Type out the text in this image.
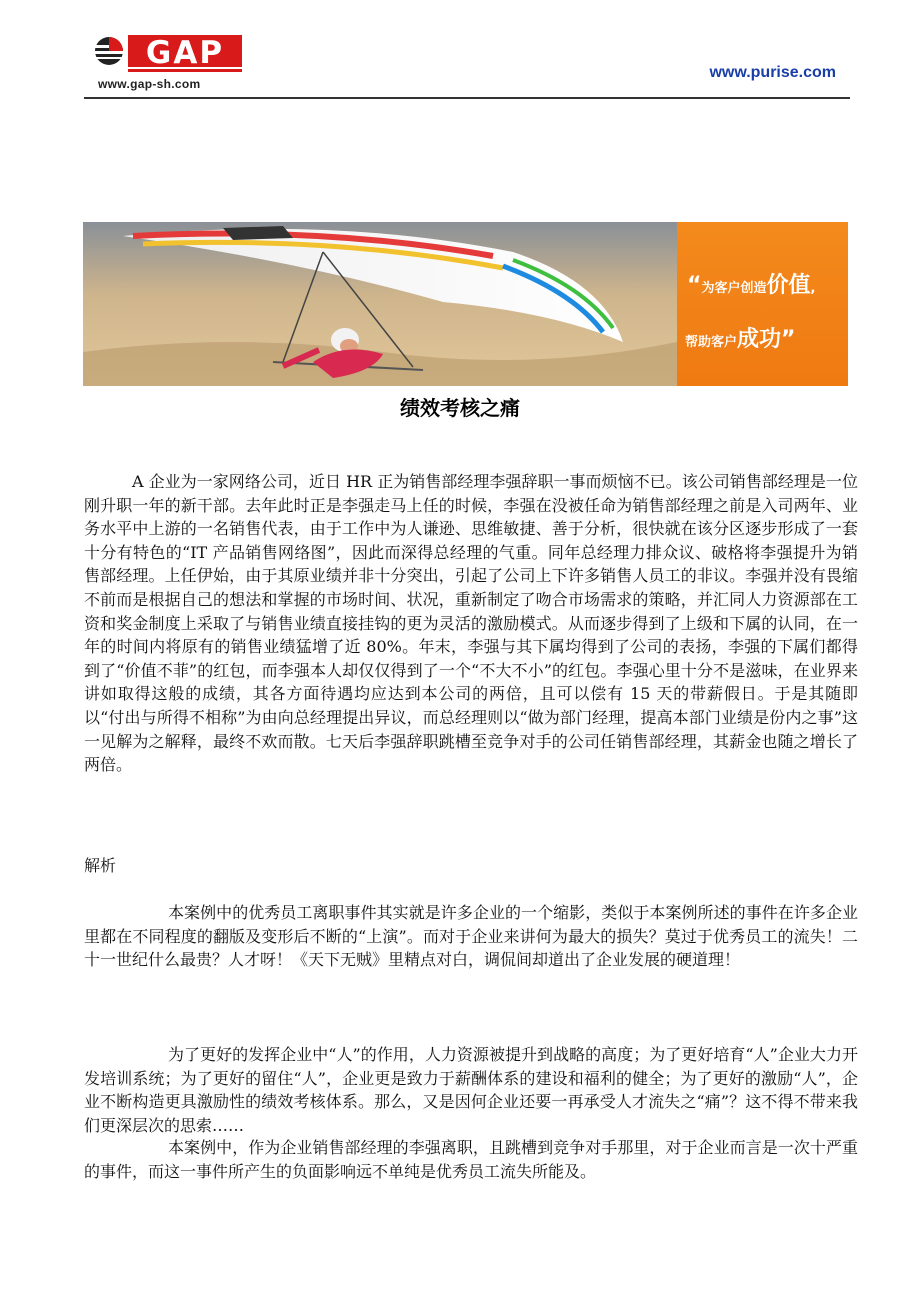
GAP
www.gap-sh.com
www.purise.com
“为客户创造价值,
帮助客户成功”
绩效考核之痛

A 企业为一家网络公司，近日 HR 正为销售部经理李强辞职一事而烦恼不已。该公司销售部经理是一位刚升职一年的新干部。去年此时正是李强走马上任的时候，李强在没被任命为销售部经理之前是入司两年、业务水平中上游的一名销售代表，由于工作中为人谦逊、思维敏捷、善于分析，很快就在该分区逐步形成了一套十分有特色的“IT 产品销售网络图”，因此而深得总经理的气重。同年总经理力排众议、破格将李强提升为销售部经理。上任伊始，由于其原业绩并非十分突出，引起了公司上下许多销售人员工的非议。李强并没有畏缩不前而是根据自己的想法和掌握的市场时间、状况，重新制定了吻合市场需求的策略，并汇同人力资源部在工资和奖金制度上采取了与销售业绩直接挂钩的更为灵活的激励模式。从而逐步得到了上级和下属的认同，在一年的时间内将原有的销售业绩猛增了近 80%。年末，李强与其下属均得到了公司的表扬，李强的下属们都得到了“价值不菲”的红包，而李强本人却仅仅得到了一个“不大不小”的红包。李强心里十分不是滋味，在业界来讲如取得这般的成绩，其各方面待遇均应达到本公司的两倍，且可以偿有 15 天的带薪假日。于是其随即以“付出与所得不相称”为由向总经理提出异议，而总经理则以“做为部门经理，提高本部门业绩是份内之事”这一见解为之解释，最终不欢而散。七天后李强辞职跳槽至竞争对手的公司任销售部经理，其薪金也随之增长了两倍。

解析

本案例中的优秀员工离职事件其实就是许多企业的一个缩影，类似于本案例所述的事件在许多企业里都在不同程度的翻版及变形后不断的“上演”。而对于企业来讲何为最大的损失？莫过于优秀员工的流失！二十一世纪什么最贵？人才呀！《天下无贼》里精点对白，调侃间却道出了企业发展的硬道理！

为了更好的发挥企业中“人”的作用，人力资源被提升到战略的高度；为了更好培育“人”企业大力开发培训系统；为了更好的留住“人”，企业更是致力于薪酬体系的建设和福利的健全；为了更好的激励“人”，企业不断构造更具激励性的绩效考核体系。那么，又是因何企业还要一再承受人才流失之“痛”？这不得不带来我们更深层次的思索……

本案例中，作为企业销售部经理的李强离职，且跳槽到竞争对手那里，对于企业而言是一次十严重的事件，而这一事件所产生的负面影响远不单纯是优秀员工流失所能及。
